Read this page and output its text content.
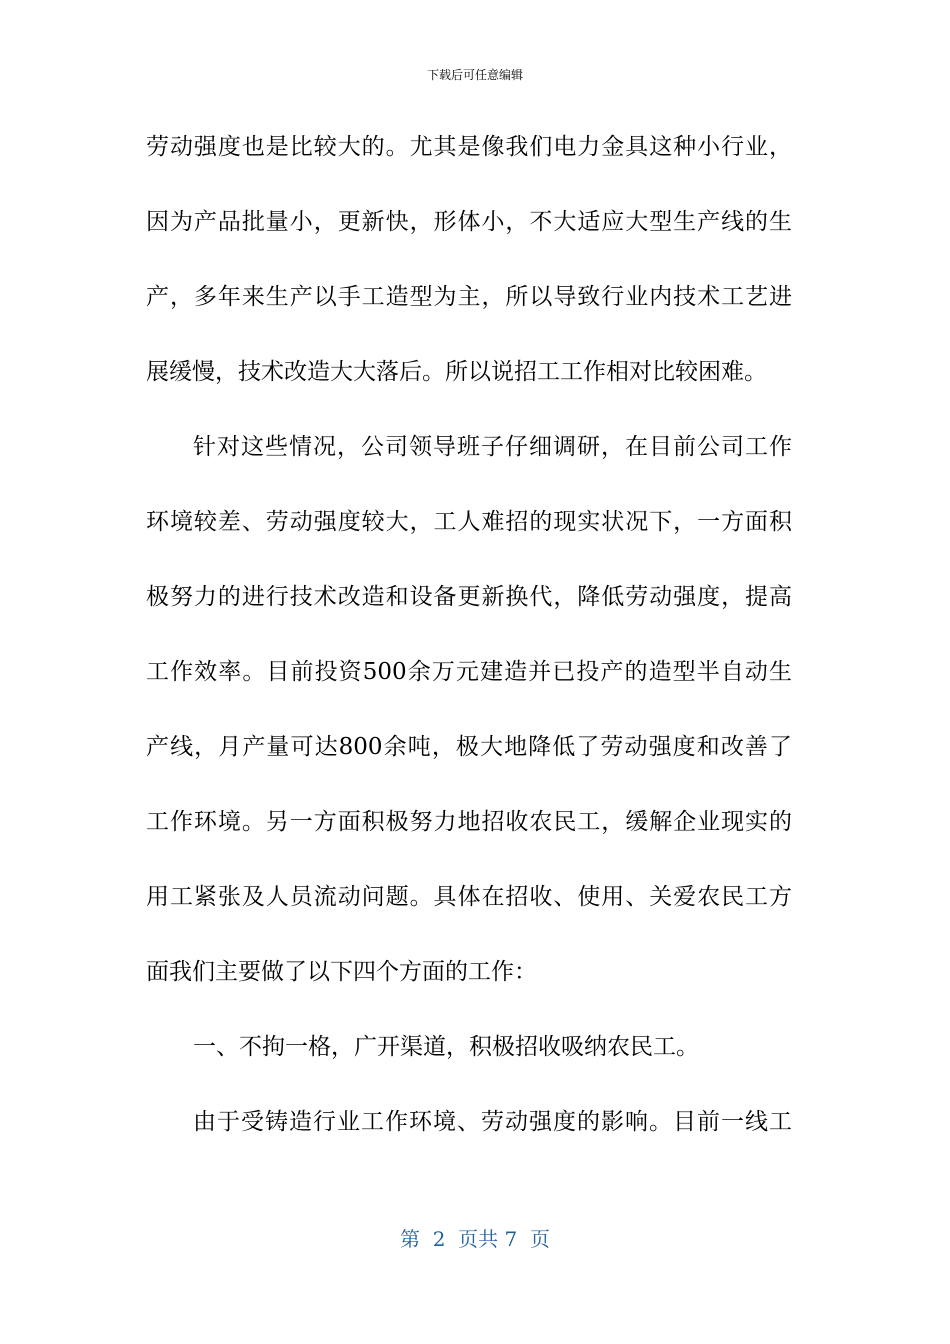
下载后可任意编辑
劳动强度也是比较大的。尤其是像我们电力金具这种小行业，
因为产品批量小，更新快，形体小，不大适应大型生产线的生
产，多年来生产以手工造型为主，所以导致行业内技术工艺进
展缓慢，技术改造大大落后。所以说招工工作相对比较困难。
针对这些情况，公司领导班子仔细调研，在目前公司工作
环境较差、劳动强度较大，工人难招的现实状况下，一方面积
极努力的进行技术改造和设备更新换代，降低劳动强度，提高
工作效率。目前投资500余万元建造并已投产的造型半自动生
产线，月产量可达800余吨，极大地降低了劳动强度和改善了
工作环境。另一方面积极努力地招收农民工，缓解企业现实的
用工紧张及人员流动问题。具体在招收、使用、关爱农民工方
面我们主要做了以下四个方面的工作：
一、不拘一格，广开渠道，积极招收吸纳农民工。
由于受铸造行业工作环境、劳动强度的影响。目前一线工
第  2  页共 7  页
